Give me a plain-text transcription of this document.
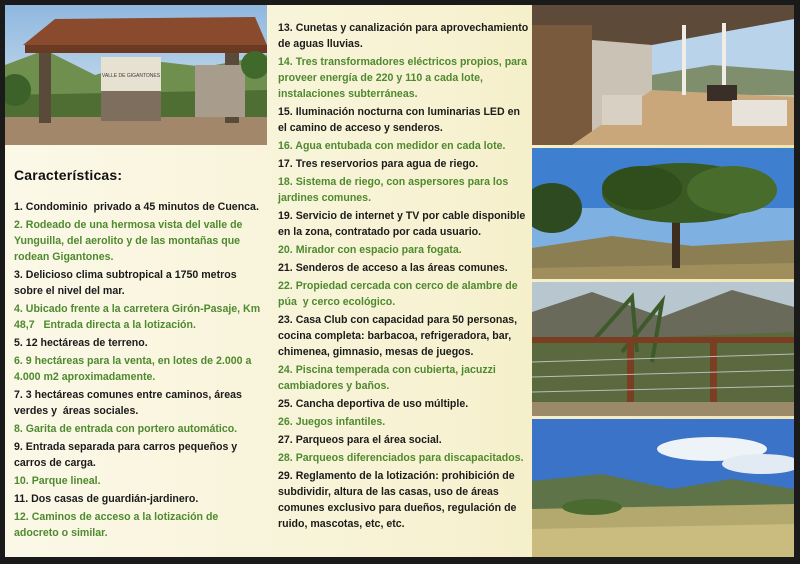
VALLE DE GIGANTONES
Características:
1. Condominio  privado a 45 minutos de Cuenca.
2. Rodeado de una hermosa vista del valle de Yunguilla, del aerolito y de las montañas que rodean Gigantones.
3. Delicioso clima subtropical a 1750 metros sobre el nivel del mar.
4. Ubicado frente a la carretera Girón-Pasaje, Km 48,7   Entrada directa a la lotización.
5. 12 hectáreas de terreno.
6. 9 hectáreas para la venta, en lotes de 2.000 a 4.000 m2 aproximadamente.
7. 3 hectáreas comunes entre caminos, áreas verdes y  áreas sociales.
8. Garita de entrada con portero automático.
9. Entrada separada para carros pequeños y carros de carga.
10. Parque lineal.
11. Dos casas de guardián-jardinero.
12. Caminos de acceso a la lotización de adocreto o similar.
13. Cunetas y canalización para aprovechamiento de aguas lluvias.
14. Tres transformadores eléctricos propios, para proveer energía de 220 y 110 a cada lote, instalaciones subterráneas.
15. Iluminación nocturna con luminarias LED en el camino de acceso y senderos.
16. Agua entubada con medidor en cada lote.
17. Tres reservorios para agua de riego.
18. Sistema de riego, con aspersores para los jardines comunes.
19. Servicio de internet y TV por cable disponible en la zona, contratado por cada usuario.
20. Mirador con espacio para fogata.
21. Senderos de acceso a las áreas comunes.
22. Propiedad cercada con cerco de alambre de púa  y cerco ecológico.
23. Casa Club con capacidad para 50 personas, cocina completa: barbacoa, refrigeradora, bar, chimenea, gimnasio, mesas de juegos.
24. Piscina temperada con cubierta, jacuzzi cambiadores y baños.
25. Cancha deportiva de uso múltiple.
26. Juegos infantiles.
27. Parqueos para el área social.
28. Parqueos diferenciados para discapacitados.
29. Reglamento de la lotización: prohibición de subdividir, altura de las casas, uso de áreas comunes exclusivo para dueños, regulación de ruido, mascotas, etc, etc.
